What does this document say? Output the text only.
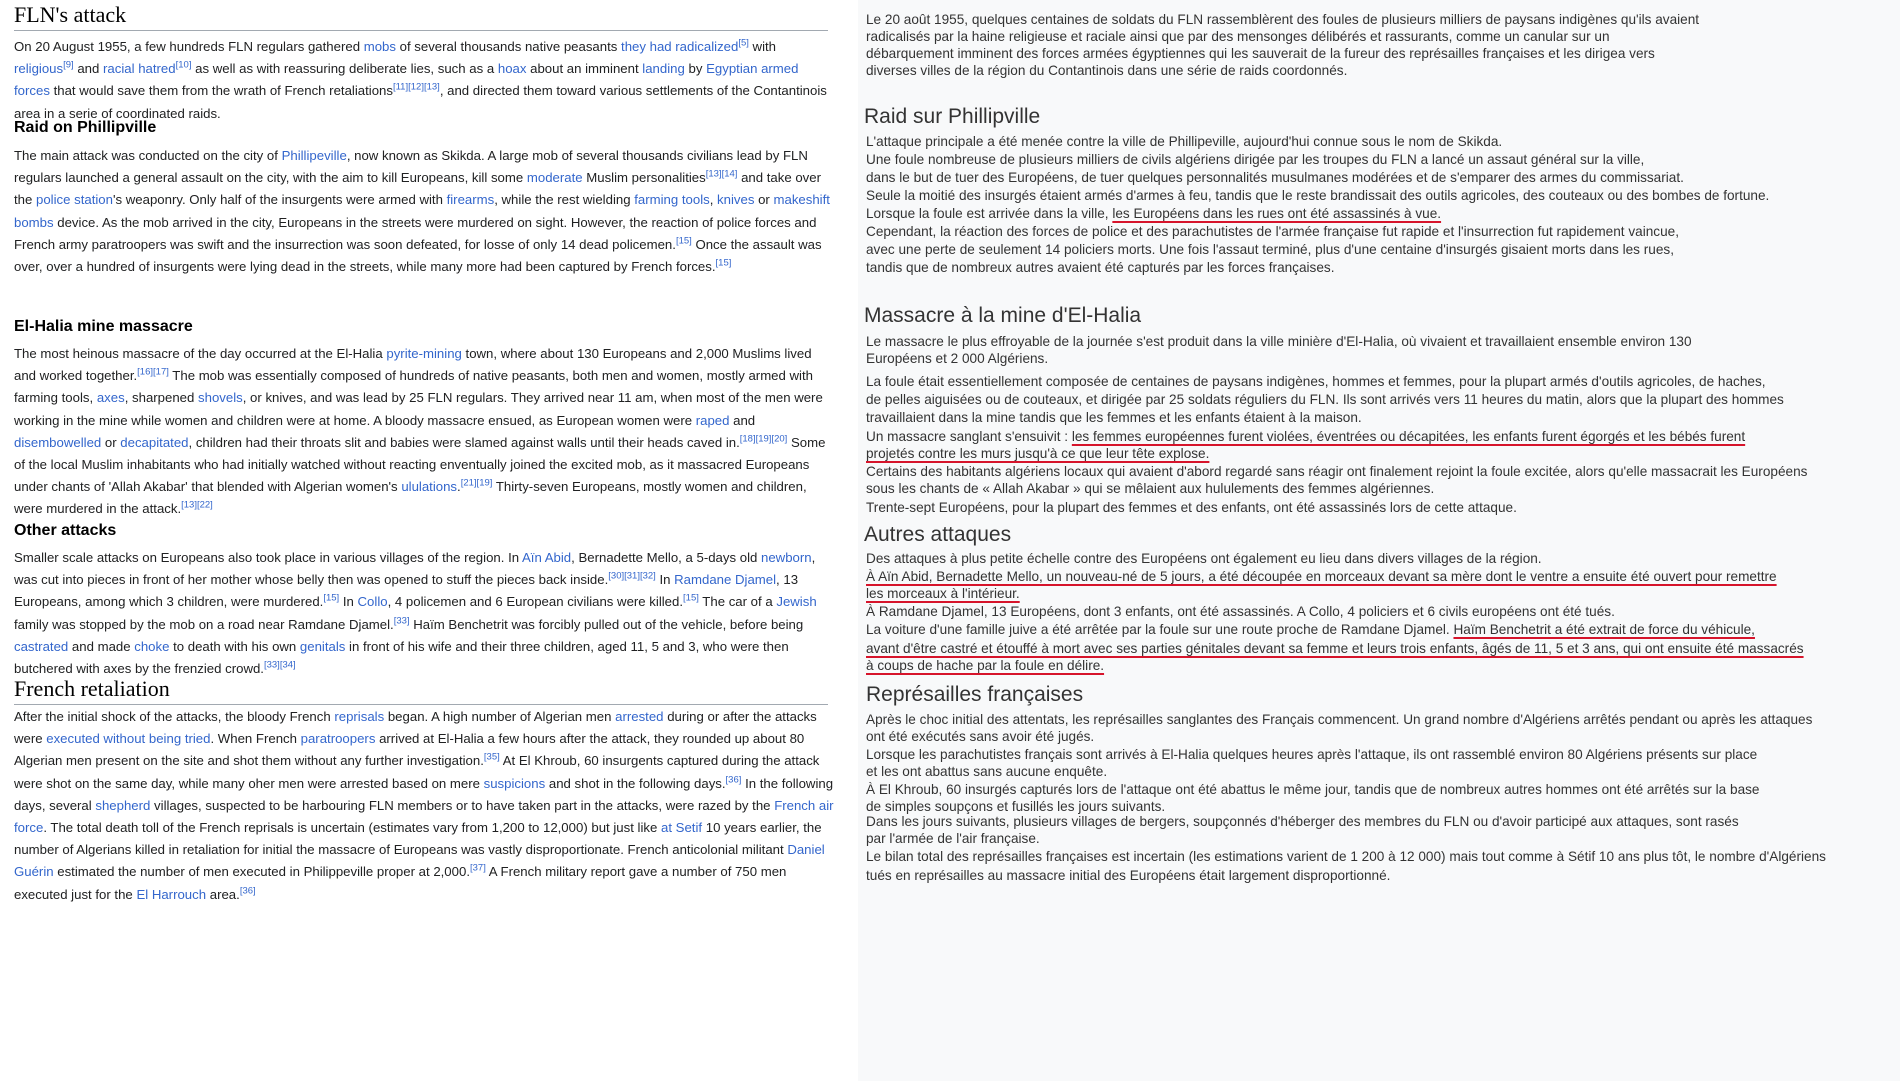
FLN's attack
On 20 August 1955, a few hundreds FLN regulars gathered mobs of several thousands native peasants they had radicalized[5] with religious[9] and racial hatred[10] as well as with reassuring deliberate lies, such as a hoax about an imminent landing by Egyptian armed forces that would save them from the wrath of French retaliations[11][12][13], and directed them toward various settlements of the Contantinois area in a serie of coordinated raids.
Raid on Phillipville
The main attack was conducted on the city of Phillipeville, now known as Skikda. A large mob of several thousands civilians lead by FLN regulars launched a general assault on the city, with the aim to kill Europeans, kill some moderate Muslim personalities[13][14] and take over the police station's weaponry. Only half of the insurgents were armed with firearms, while the rest wielding farming tools, knives or makeshift bombs device. As the mob arrived in the city, Europeans in the streets were murdered on sight. However, the reaction of police forces and French army paratroopers was swift and the insurrection was soon defeated, for losse of only 14 dead policemen.[15] Once the assault was over, over a hundred of insurgents were lying dead in the streets, while many more had been captured by French forces.[15]
El-Halia mine massacre
The most heinous massacre of the day occurred at the El-Halia pyrite-mining town, where about 130 Europeans and 2,000 Muslims lived and worked together.[16][17] The mob was essentially composed of hundreds of native peasants, both men and women, mostly armed with farming tools, axes, sharpened shovels, or knives, and was lead by 25 FLN regulars. They arrived near 11 am, when most of the men were working in the mine while women and children were at home. A bloody massacre ensued, as European women were raped and disembowelled or decapitated, children had their throats slit and babies were slamed against walls until their heads caved in.[18][19][20] Some of the local Muslim inhabitants who had initially watched without reacting enventually joined the excited mob, as it massacred Europeans under chants of 'Allah Akabar' that blended with Algerian women's ululations.[21][19] Thirty-seven Europeans, mostly women and children, were murdered in the attack.[13][22]
Other attacks
Smaller scale attacks on Europeans also took place in various villages of the region. In Aïn Abid, Bernadette Mello, a 5-days old newborn, was cut into pieces in front of her mother whose belly then was opened to stuff the pieces back inside.[30][31][32] In Ramdane Djamel, 13 Europeans, among which 3 children, were murdered.[15] In Collo, 4 policemen and 6 European civilians were killed.[15] The car of a Jewish family was stopped by the mob on a road near Ramdane Djamel.[33] Haïm Benchetrit was forcibly pulled out of the vehicle, before being castrated and made choke to death with his own genitals in front of his wife and their three children, aged 11, 5 and 3, who were then butchered with axes by the frenzied crowd.[33][34]
French retaliation
After the initial shock of the attacks, the bloody French reprisals began. A high number of Algerian men arrested during or after the attacks were executed without being tried. When French paratroopers arrived at El-Halia a few hours after the attack, they rounded up about 80 Algerian men present on the site and shot them without any further investigation.[35] At El Khroub, 60 insurgents captured during the attack were shot on the same day, while many oher men were arrested based on mere suspicions and shot in the following days.[36] In the following days, several shepherd villages, suspected to be harbouring FLN members or to have taken part in the attacks, were razed by the French air force. The total death toll of the French reprisals is uncertain (estimates vary from 1,200 to 12,000) but just like at Setif 10 years earlier, the number of Algerians killed in retaliation for initial the massacre of Europeans was vastly disproportionate. French anticolonial militant Daniel Guérin estimated the number of men executed in Philippeville proper at 2,000.[37] A French military report gave a number of 750 men executed just for the El Harrouch area.[36]
Le 20 août 1955, quelques centaines de soldats du FLN rassemblèrent des foules de plusieurs milliers de paysans indigènes qu'ils avaient
radicalisés par la haine religieuse et raciale ainsi que par des mensonges délibérés et rassurants, comme un canular sur un
débarquement imminent des forces armées égyptiennes qui les sauverait de la fureur des représailles françaises et les dirigea vers
diverses villes de la région du Contantinois dans une série de raids coordonnés.
Raid sur Phillipville
L'attaque principale a été menée contre la ville de Phillipeville, aujourd'hui connue sous le nom de Skikda.
Une foule nombreuse de plusieurs milliers de civils algériens dirigée par les troupes du FLN a lancé un assaut général sur la ville,
dans le but de tuer des Européens, de tuer quelques personnalités musulmanes modérées et de s'emparer des armes du commissariat.
Seule la moitié des insurgés étaient armés d'armes à feu, tandis que le reste brandissait des outils agricoles, des couteaux ou des bombes de fortune.
Lorsque la foule est arrivée dans la ville, les Européens dans les rues ont été assassinés à vue.
Cependant, la réaction des forces de police et des parachutistes de l'armée française fut rapide et l'insurrection fut rapidement vaincue,
avec une perte de seulement 14 policiers morts. Une fois l'assaut terminé, plus d'une centaine d'insurgés gisaient morts dans les rues,
tandis que de nombreux autres avaient été capturés par les forces françaises.
Massacre à la mine d'El-Halia
Le massacre le plus effroyable de la journée s'est produit dans la ville minière d'El-Halia, où vivaient et travaillaient ensemble environ 130
Européens et 2 000 Algériens.
La foule était essentiellement composée de centaines de paysans indigènes, hommes et femmes, pour la plupart armés d'outils agricoles, de haches,
de pelles aiguisées ou de couteaux, et dirigée par 25 soldats réguliers du FLN. Ils sont arrivés vers 11 heures du matin, alors que la plupart des hommes
travaillaient dans la mine tandis que les femmes et les enfants étaient à la maison.
Un massacre sanglant s'ensuivit : les femmes européennes furent violées, éventrées ou décapitées, les enfants furent égorgés et les bébés furent
projetés contre les murs jusqu'à ce que leur tête explose.
Certains des habitants algériens locaux qui avaient d'abord regardé sans réagir ont finalement rejoint la foule excitée, alors qu'elle massacrait les Européens
sous les chants de « Allah Akabar » qui se mêlaient aux hululements des femmes algériennes.
Trente-sept Européens, pour la plupart des femmes et des enfants, ont été assassinés lors de cette attaque.
Autres attaques
Des attaques à plus petite échelle contre des Européens ont également eu lieu dans divers villages de la région.
À Aïn Abid, Bernadette Mello, un nouveau-né de 5 jours, a été découpée en morceaux devant sa mère dont le ventre a ensuite été ouvert pour remettre
les morceaux à l'intérieur.
À Ramdane Djamel, 13 Européens, dont 3 enfants, ont été assassinés. A Collo, 4 policiers et 6 civils européens ont été tués.
La voiture d'une famille juive a été arrêtée par la foule sur une route proche de Ramdane Djamel. Haïm Benchetrit a été extrait de force du véhicule,
avant d'être castré et étouffé à mort avec ses parties génitales devant sa femme et leurs trois enfants, âgés de 11, 5 et 3 ans, qui ont ensuite été massacrés
à coups de hache par la foule en délire.
Représailles françaises
Après le choc initial des attentats, les représailles sanglantes des Français commencent. Un grand nombre d'Algériens arrêtés pendant ou après les attaques
ont été exécutés sans avoir été jugés.
Lorsque les parachutistes français sont arrivés à El-Halia quelques heures après l'attaque, ils ont rassemblé environ 80 Algériens présents sur place
et les ont abattus sans aucune enquête.
À El Khroub, 60 insurgés capturés lors de l'attaque ont été abattus le même jour, tandis que de nombreux autres hommes ont été arrêtés sur la base
de simples soupçons et fusillés les jours suivants.
Dans les jours suivants, plusieurs villages de bergers, soupçonnés d'héberger des membres du FLN ou d'avoir participé aux attaques, sont rasés
par l'armée de l'air française.
Le bilan total des représailles françaises est incertain (les estimations varient de 1 200 à 12 000) mais tout comme à Sétif 10 ans plus tôt, le nombre d'Algériens
tués en représailles au massacre initial des Européens était largement disproportionné.
